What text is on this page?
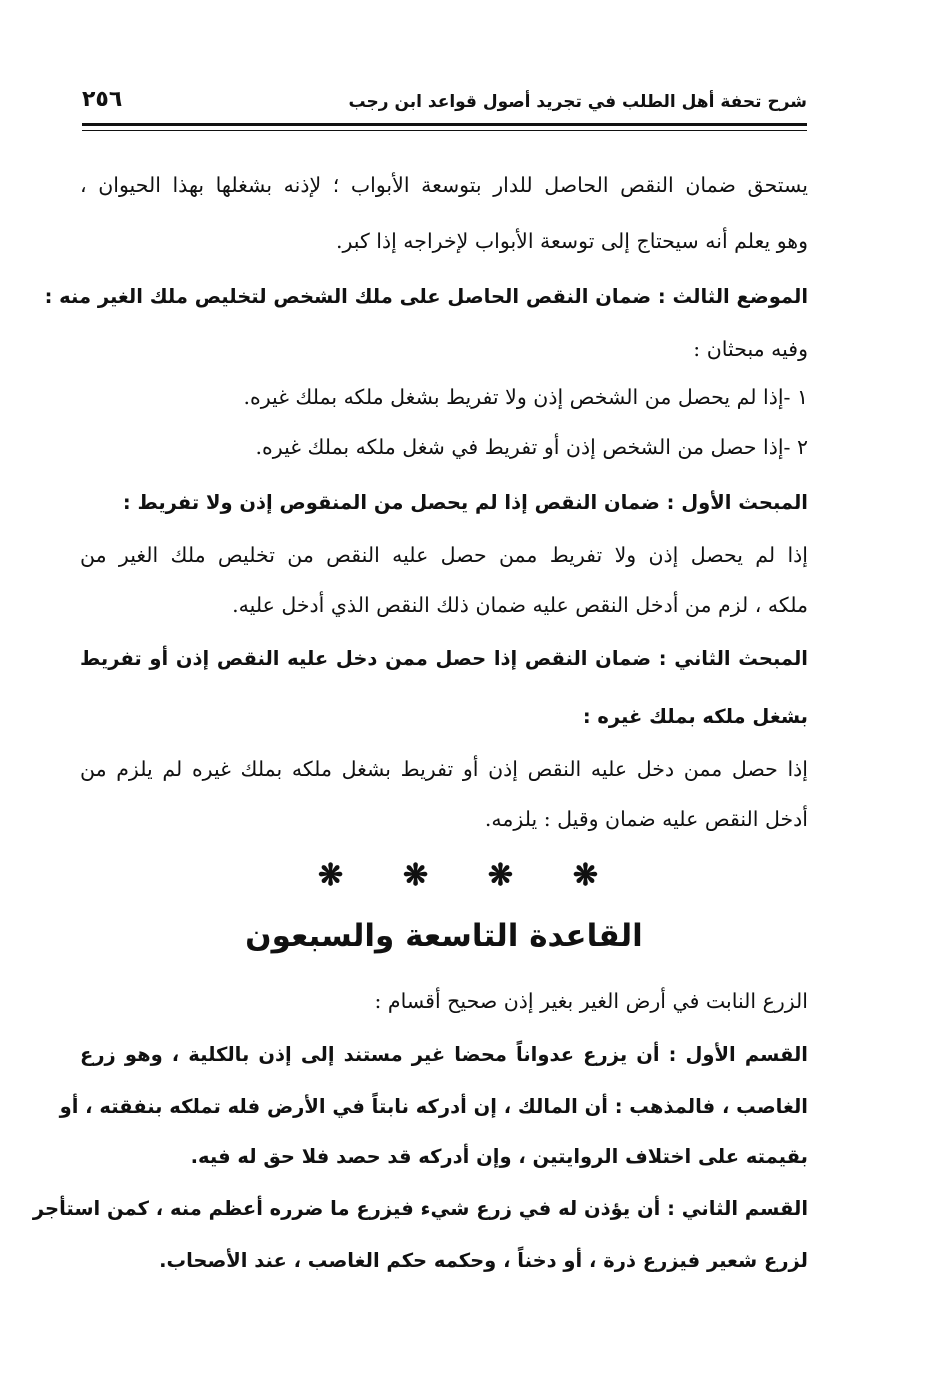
٢٥٦	شرح تحفة أهل الطلب في تجريد أصول قواعد ابن رجب
يستحق ضمان النقص الحاصل للدار بتوسعة الأبواب ؛ لإذنه بشغلها بهذا الحيوان ،
وهو يعلم أنه سيحتاج إلى توسعة الأبواب لإخراجه إذا كبر.
الموضع الثالث : ضمان النقص الحاصل على ملك الشخص لتخليص ملك الغير منه :
وفيه مبحثان :
١ -إذا لم يحصل من الشخص إذن ولا تفريط بشغل ملكه بملك غيره.
٢ -إذا حصل من الشخص إذن أو تفريط في شغل ملكه بملك غيره.
المبحث الأول : ضمان النقص إذا لم يحصل من المنقوص إذن ولا تفريط :
إذا لم يحصل إذن ولا تفريط ممن حصل عليه النقص من تخليص ملك الغير من
ملكه ، لزم من أدخل النقص عليه ضمان ذلك النقص الذي أدخل عليه.
المبحث الثاني : ضمان النقص إذا حصل ممن دخل عليه النقص إذن أو تفريط
بشغل ملكه بملك غيره :
إذا حصل ممن دخل عليه النقص إذن أو تفريط بشغل ملكه بملك غيره لم يلزم من
أدخل النقص عليه ضمان وقيل : يلزمه.
الزرع النابت في أرض الغير بغير إذن صحيح أقسام :
القسم الأول : أن يزرع عدواناً محضا غير مستند إلى إذن بالكلية ، وهو زرع
الغاصب ، فالمذهب : أن المالك ، إن أدركه نابتاً في الأرض فله تملكه بنفقته ، أو
بقيمته على اختلاف الروايتين ، وإن أدركه قد حصد فلا حق له فيه.
القسم الثاني : أن يؤذن له في زرع شيء فيزرع ما ضرره أعظم منه ، كمن استأجر
لزرع شعير فيزرع ذرة ، أو دخناً ، وحكمه حكم الغاصب ، عند الأصحاب.
❋ ❋ ❋ ❋
القاعدة التاسعة والسبعون
